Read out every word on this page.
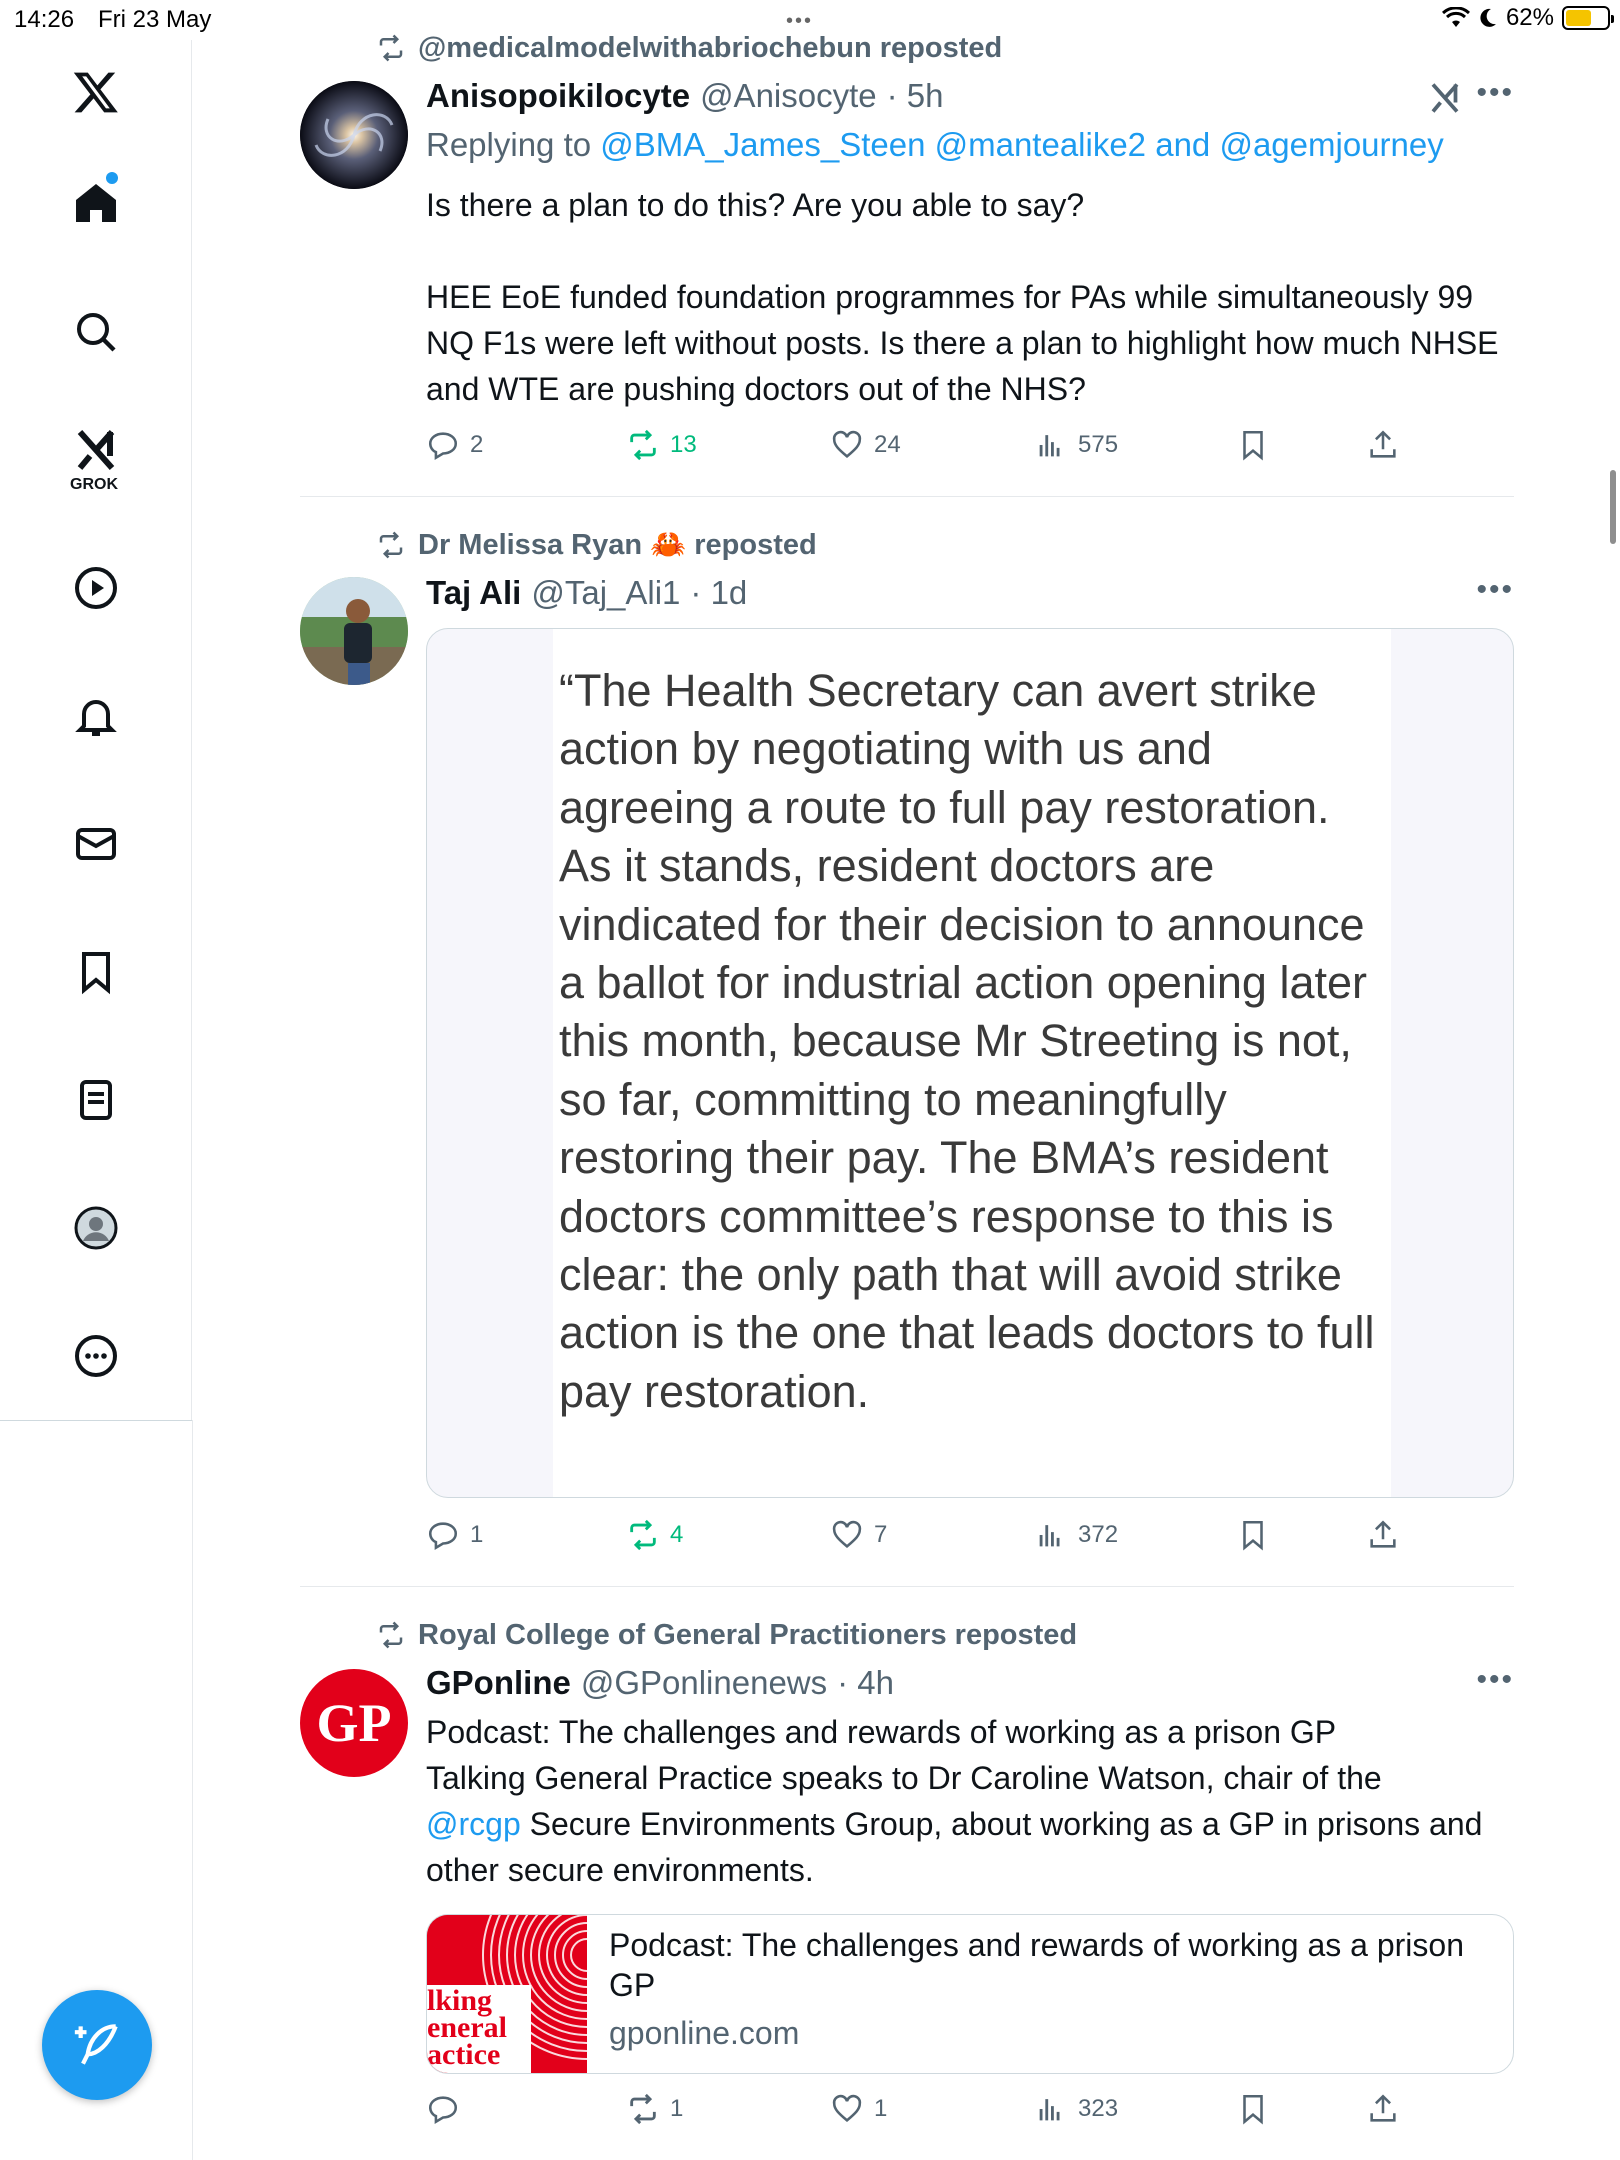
14:26 Fri 23 May	•••	62%
GROK
@medicalmodelwithabriochebun reposted
Anisopoikilocyte @Anisocyte · 5h	•••
Replying to @BMA_James_Steen @mantealike2 and @agemjourney
Is there a plan to do this? Are you able to say?
HEE EoE funded foundation programmes for PAs while simultaneously 99 NQ F1s were left without posts. Is there a plan to highlight how much NHSE and WTE are pushing doctors out of the NHS?
2	13	24	575
Dr Melissa Ryan 🦀 reposted
Taj Ali @Taj_Ali1 · 1d	•••
“The Health Secretary can avert strike action by negotiating with us and agreeing a route to full pay restoration. As it stands, resident doctors are vindicated for their decision to announce a ballot for industrial action opening later this month, because Mr Streeting is not, so far, committing to meaningfully restoring their pay. The BMA’s resident doctors committee’s response to this is clear: the only path that will avoid strike action is the one that leads doctors to full pay restoration.
1	4	7	372
Royal College of General Practitioners reposted
GP
GPonline @GPonlinenews · 4h	•••
Podcast: The challenges and rewards of working as a prison GP
Talking General Practice speaks to Dr Caroline Watson, chair of the
@rcgp Secure Environments Group, about working as a GP in prisons and other secure environments.
lking eneral actice
Podcast: The challenges and rewards of working as a prison GP
gponline.com
1	1	323
